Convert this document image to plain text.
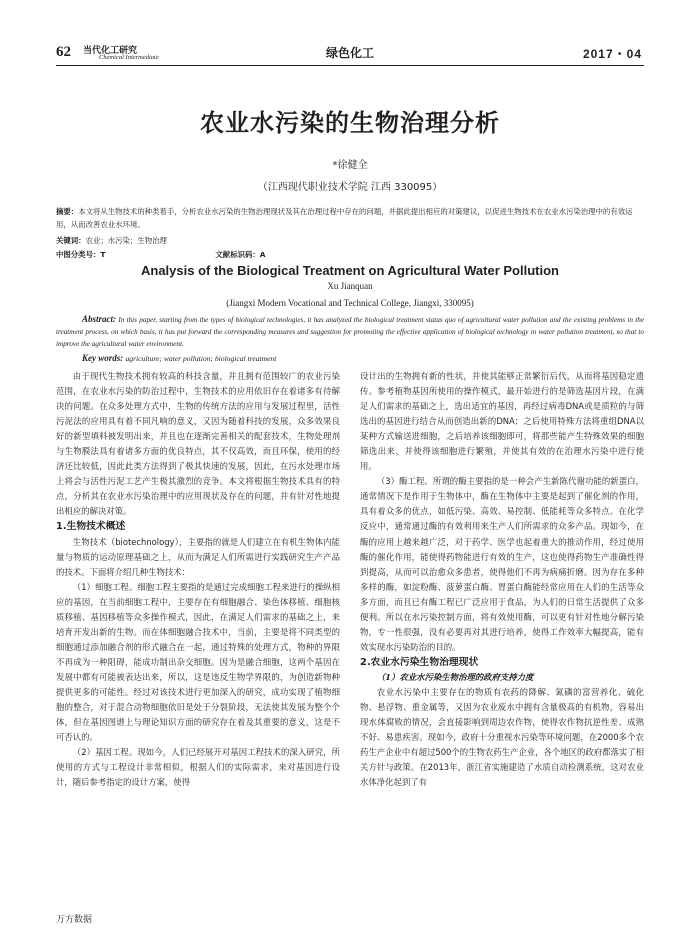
62 当代化工研究
Chemical Intermediate	绿色化工	2017・04
农业水污染的生物治理分析
*徐健全
（江西现代职业技术学院 江西 330095）
摘要：本文将从生物技术的种类着手，分析农业水污染的生物治理现状及其在治理过程中存在的问题，并据此提出相应的对策建议，以促进生物技术在农业水污染治理中的有效运用，从而改善农业水环境。
关键词：农业；水污染；生物治理
中图分类号：T	文献标识码：A
Analysis of the Biological Treatment on Agricultural Water Pollution
Xu Jianquan
(Jiangxi Modern Vocational and Technical College, Jiangxi, 330095)
Abstract: In this paper, starting from the types of biological technologies, it has analyzed the biological treatment status quo of agricultural water pollution and the existing problems in the treatment process, on which basis, it has put forward the corresponding measures and suggestion for promoting the effective application of biological technology in water pollution treatment, so that to improve the agricultural water environment.
Key words: agriculture; water pollution; biological treatment

由于现代生物技术拥有较高的科技含量，并且拥有范围较广的农业污染范围，在农业水污染的防治过程中，生物技术的应用依旧存在着诸多有待解决的问题。在众多处理方式中，生物的传统方法的应用与发展过程里，活性污泥法的应用具有着不同凡响的意义，又因为随着科技的发展，众多效果良好的新型填料被发明出来，并且也在逐渐完善相关的配套技术，生物处理剂与生物膜法具有着诸多方面的优良特点，其不仅高效，而且环保，使用的经济还比较低，因此此类方法得到了极其快速的发展，因此，在污水处理市场上将会与活性污泥工艺产生极其激烈的竞争。本文将根据生物技术具有的特点，分析其在农业水污染治理中的应用现状及存在的问题，并有针对性地提出相应的解决对策。

1.生物技术概述

生物技术（biotechnology），主要指的就是人们建立在有机生物体内能量与物质的运动原理基础之上，从而为满足人们所需进行实践研究生产产品的技术。下面将介绍几种生物技术：

（1）细胞工程。细胞工程主要指的是通过完成细胞工程来进行的操纵相应的基因，在当前细胞工程中，主要存在有细胞融合、染色体移植、细胞核质移植、基因移植等众多操作模式，因此，在满足人们需求的基础之上，来培育开发出新的生物。而在体细胞融合技术中，当前，主要是将不同类型的细胞通过添加融合剂的形式融合在一起，通过特殊的处理方式，物种的界限不再成为一种阻碍，能成功制出杂交细胞。因为是融合细胞，这两个基因在发展中都有可能被表达出来，所以，这是违反生物学界限的，为创造新物种提供更多的可能性。经过对该技术进行更加深入的研究，成功实现了植物细胞的整合，对于混合动物细胞依旧是处于分裂阶段，无法使其发展为整个个体，但在基因图谱上与理论知识方面的研究存在着及其重要的意义，这是不可否认的。

（2）基因工程。现如今，人们已经展开对基因工程技术的深入研究，所使用的方式与工程设计非常相似，根据人们的实际需求，来对基因进行设计，随后参考指定的设计方案，使得

设计出的生物拥有新的性状，并使其能够正常繁衍后代，从而将基因稳定遗传。参考植物基因所使用的操作模式，最开始进行的是筛选基因片段，在满足人们需求的基础之上，选出适宜的基因，再经过病毒DNA或是质粒的与筛选出的基因进行结合从而创造出新的DNA；之后使用特殊方法将重组DNA以某种方式输送进细胞，之后培养该细胞即可，将那些能产生特殊效果的细胞筛选出来，并使得该细胞进行繁殖，并使其有效的在治理水污染中进行使用。

（3）酶工程。所谓的酶主要指的是一种会产生新陈代谢功能的新蛋白，通常情况下是作用于生物体中，酶在生物体中主要是起到了催化剂的作用，具有着众多的优点，如低污染、高效、易控制、低能耗等众多特点。在化学反应中，通常通过酶的有效利用来生产人们所需求的众多产品。现如今，在酶的应用上越来越广泛，对于药学、医学也起着重大的推动作用，经过使用酶的催化作用，能使得药物能进行有效的生产，这也使得药物生产准确性得到提高，从而可以治愈众多患者，使得他们不再为病痛折磨。因为存在多种多样的酶，如淀粉酶、菠萝蛋白酶、胃蛋白酶能经常应用在人们的生活等众多方面，而且已有酶工程已广泛应用于食品，为人们的日常生活提供了众多便利。所以在水污染控制方面，将有效使用酶，可以更有针对性地分解污染物，专一性很强，没有必要再对其进行培养，使得工作效率大幅提高，能有效实现水污染防治的目的。

2.农业水污染生物治理现状
（1）农业水污染生物治理的政府支持力度

农业水污染中主要存在的物质有农药的降解、氮磷的富营养化、硫化物、悬浮物、重金属等，又因为农业废水中拥有含量极高的有机物，容易出现水体腐败的情况，会直接影响到周边农作物，使得农作物抗逆性差、成熟不好、易患疾害。现如今，政府十分重视水污染等环境问题，在2000多个农药生产企业中有超过500个的生物农药生产企业，各个地区的政府都落实了相关方针与政策。在2013年，浙江省实施建造了水质自动检测系统，这对农业水体净化起到了有

万方数据
